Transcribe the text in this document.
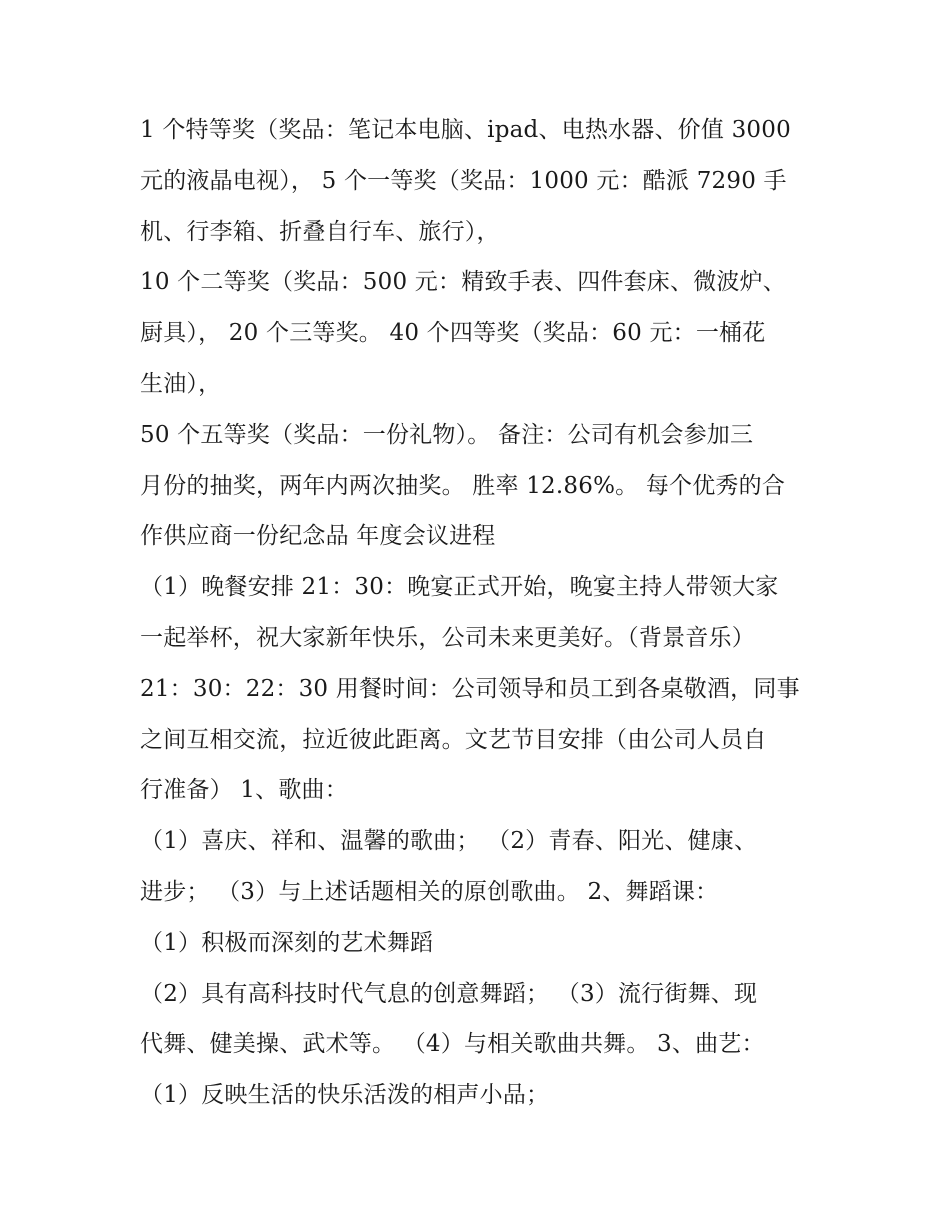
1 个特等奖（奖品：笔记本电脑、ipad、电热水器、价值 3000
元的液晶电视）， 5 个一等奖（奖品：1000 元：酷派 7290 手
机、行李箱、折叠自行车、旅行），

10 个二等奖（奖品：500 元：精致手表、四件套床、微波炉、
厨具）， 20 个三等奖。 40 个四等奖（奖品：60 元：一桶花
生油），

50 个五等奖（奖品：一份礼物）。 备注：公司有机会参加三
月份的抽奖，两年内两次抽奖。 胜率 12.86%。 每个优秀的合
作供应商一份纪念品 年度会议进程

（1）晚餐安排 21：30：晚宴正式开始，晚宴主持人带领大家
一起举杯，祝大家新年快乐，公司未来更美好。（背景音乐）
21：30：22：30 用餐时间：公司领导和员工到各桌敬酒，同事
之间互相交流，拉近彼此距离。文艺节目安排（由公司人员自
行准备） 1、歌曲：

（1）喜庆、祥和、温馨的歌曲； （2）青春、阳光、健康、
进步； （3）与上述话题相关的原创歌曲。 2、舞蹈课：

（1）积极而深刻的艺术舞蹈

（2）具有高科技时代气息的创意舞蹈； （3）流行街舞、现
代舞、健美操、武术等。 （4）与相关歌曲共舞。 3、曲艺：

（1）反映生活的快乐活泼的相声小品；
